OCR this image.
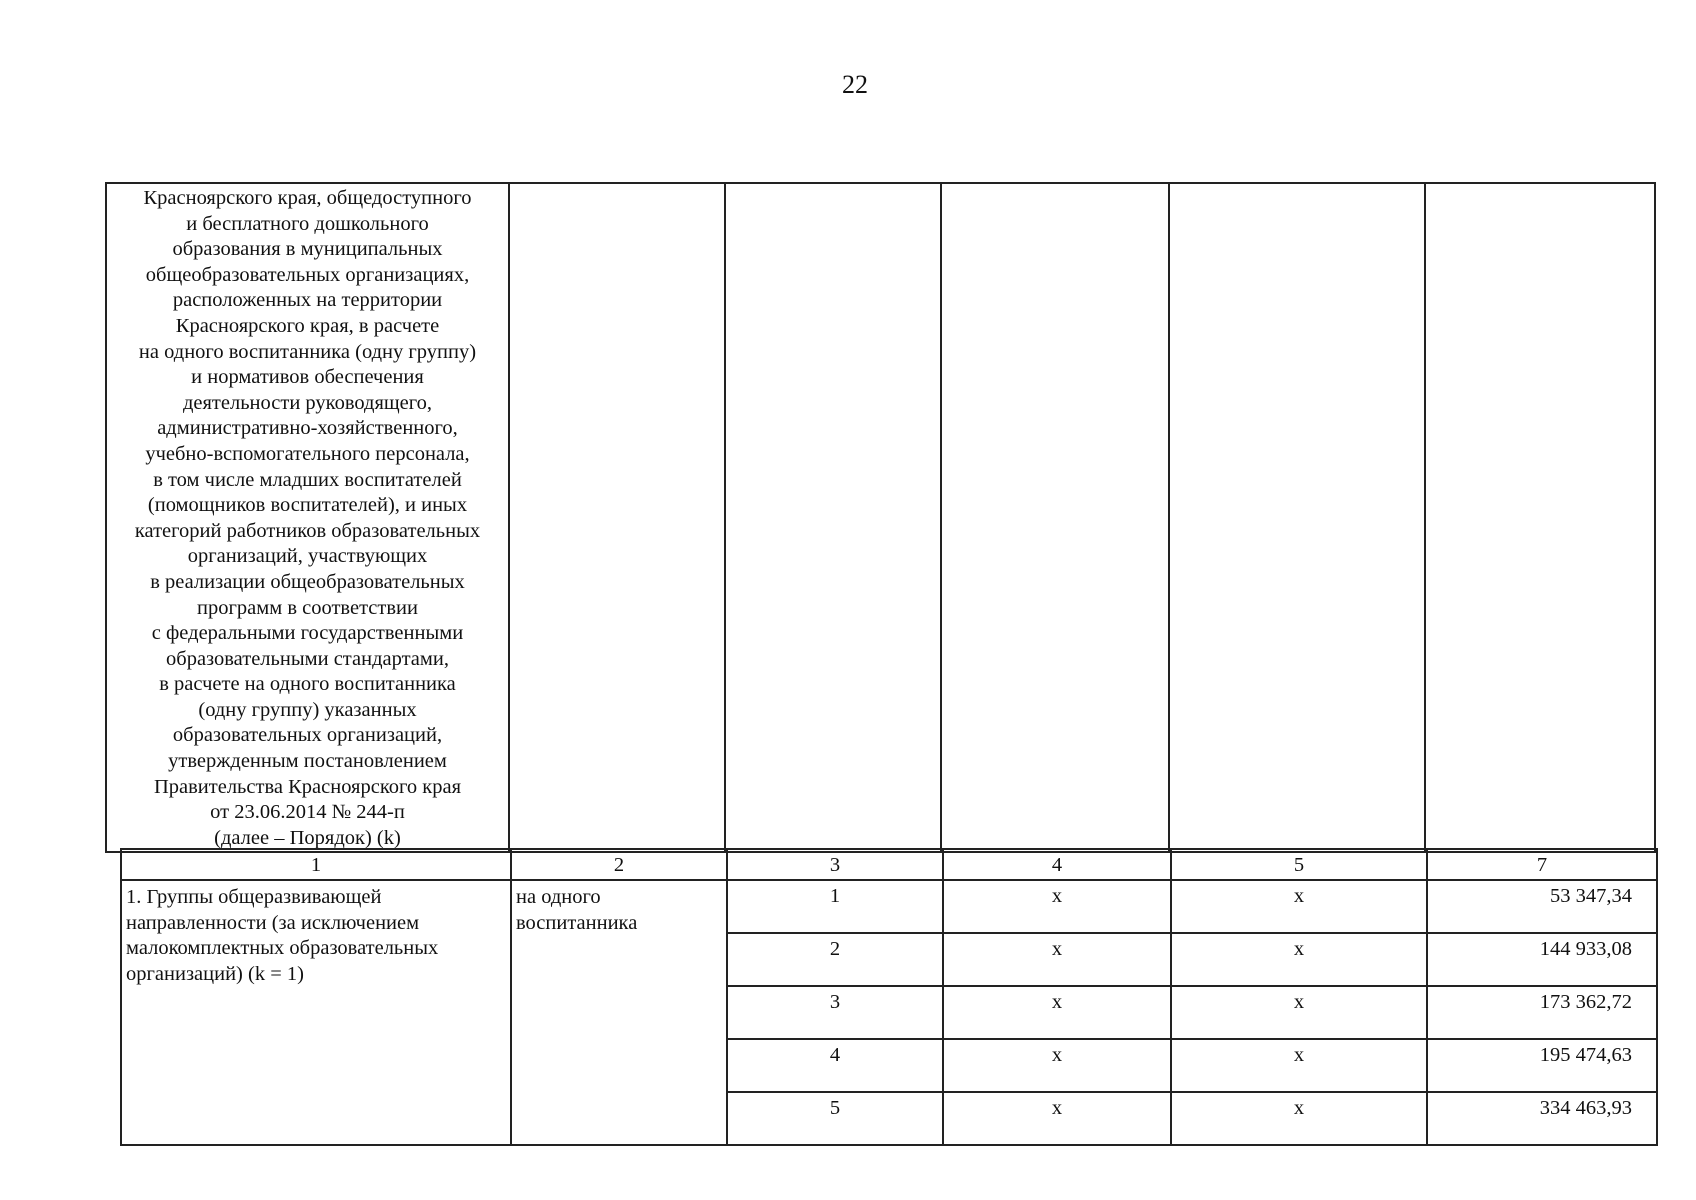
22
Красноярского края, общедоступного
и бесплатного дошкольного
образования в муниципальных
общеобразовательных организациях,
расположенных на территории
Красноярского края, в расчете
на одного воспитанника (одну группу)
и нормативов обеспечения
деятельности руководящего,
административно-хозяйственного,
учебно-вспомогательного персонала,
в том числе младших воспитателей
(помощников воспитателей), и иных
категорий работников образовательных
организаций, участвующих
в реализации общеобразовательных
программ в соответствии
с федеральными государственными
образовательными стандартами,
в расчете на одного воспитанника
(одну группу) указанных
образовательных организаций,
утвержденным постановлением
Правительства Красноярского края
от 23.06.2014 № 244-п
(далее – Порядок) (k)

1	2	3	4	5	7

1. Группы общеразвивающей
направленности (за исключением
малокомплектных образовательных
организаций) (k = 1)	на одного
воспитанника	1	х	х	53 347,34
		2	х	х	144 933,08
		3	х	х	173 362,72
		4	х	х	195 474,63
		5	х	х	334 463,93
